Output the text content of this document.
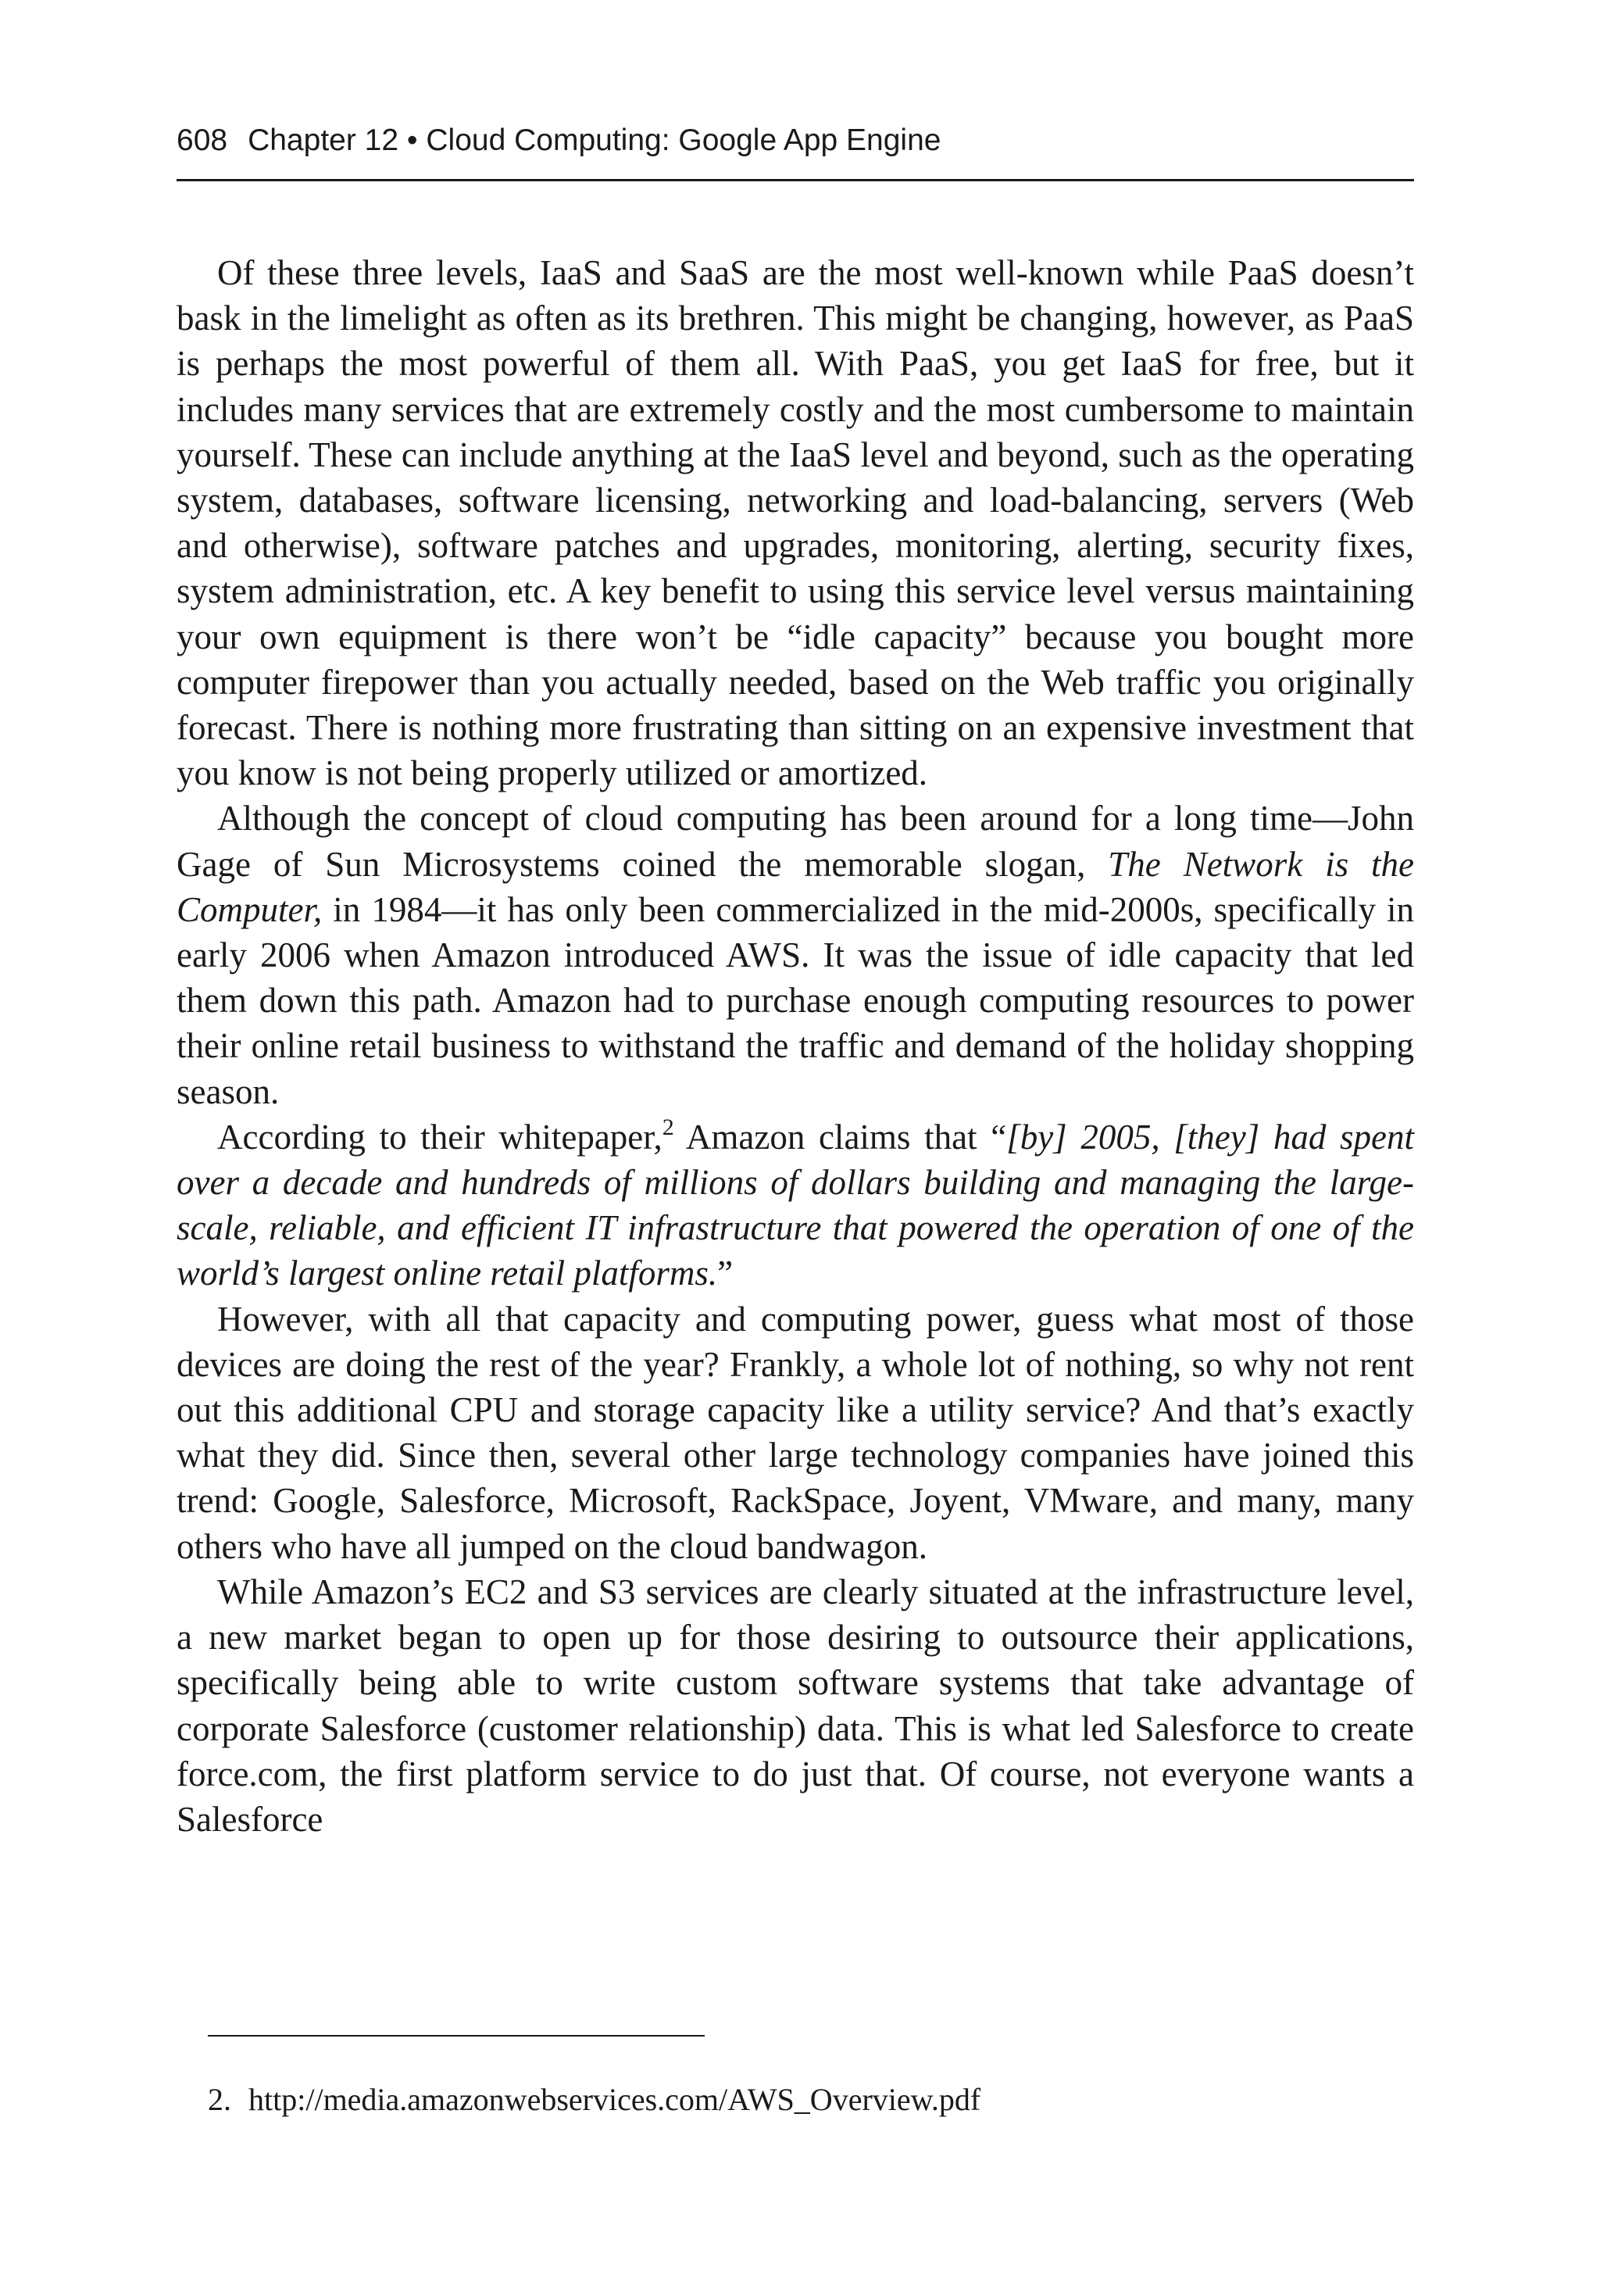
608 Chapter 12 • Cloud Computing: Google App Engine

Of these three levels, IaaS and SaaS are the most well-known while PaaS doesn’t bask in the limelight as often as its brethren. This might be changing, however, as PaaS is perhaps the most powerful of them all. With PaaS, you get IaaS for free, but it includes many services that are extremely costly and the most cumbersome to maintain yourself. These can include anything at the IaaS level and beyond, such as the operating system, databases, software licensing, networking and load-balancing, servers (Web and otherwise), software patches and upgrades, monitoring, alerting, security fixes, system administration, etc. A key benefit to using this service level versus maintaining your own equipment is there won’t be “idle capacity” because you bought more computer firepower than you actually needed, based on the Web traffic you originally forecast. There is nothing more frustrating than sitting on an expensive investment that you know is not being properly utilized or amortized.

Although the concept of cloud computing has been around for a long time—John Gage of Sun Microsystems coined the memorable slogan, The Network is the Computer, in 1984—it has only been commercialized in the mid-2000s, specifically in early 2006 when Amazon introduced AWS. It was the issue of idle capacity that led them down this path. Amazon had to purchase enough computing resources to power their online retail business to withstand the traffic and demand of the holiday shopping season.

According to their whitepaper,$^2$ Amazon claims that “[by] 2005, [they] had spent over a decade and hundreds of millions of dollars building and managing the large-scale, reliable, and efficient IT infrastructure that powered the operation of one of the world’s largest online retail platforms.”

However, with all that capacity and computing power, guess what most of those devices are doing the rest of the year? Frankly, a whole lot of nothing, so why not rent out this additional CPU and storage capacity like a utility service? And that’s exactly what they did. Since then, several other large technology companies have joined this trend: Google, Salesforce, Microsoft, RackSpace, Joyent, VMware, and many, many others who have all jumped on the cloud bandwagon.

While Amazon’s EC2 and S3 services are clearly situated at the infrastructure level, a new market began to open up for those desiring to outsource their applications, specifically being able to write custom software systems that take advantage of corporate Salesforce (customer relationship) data. This is what led Salesforce to create force.com, the first platform service to do just that. Of course, not everyone wants a Salesforce

2. http://media.amazonwebservices.com/AWS_Overview.pdf
